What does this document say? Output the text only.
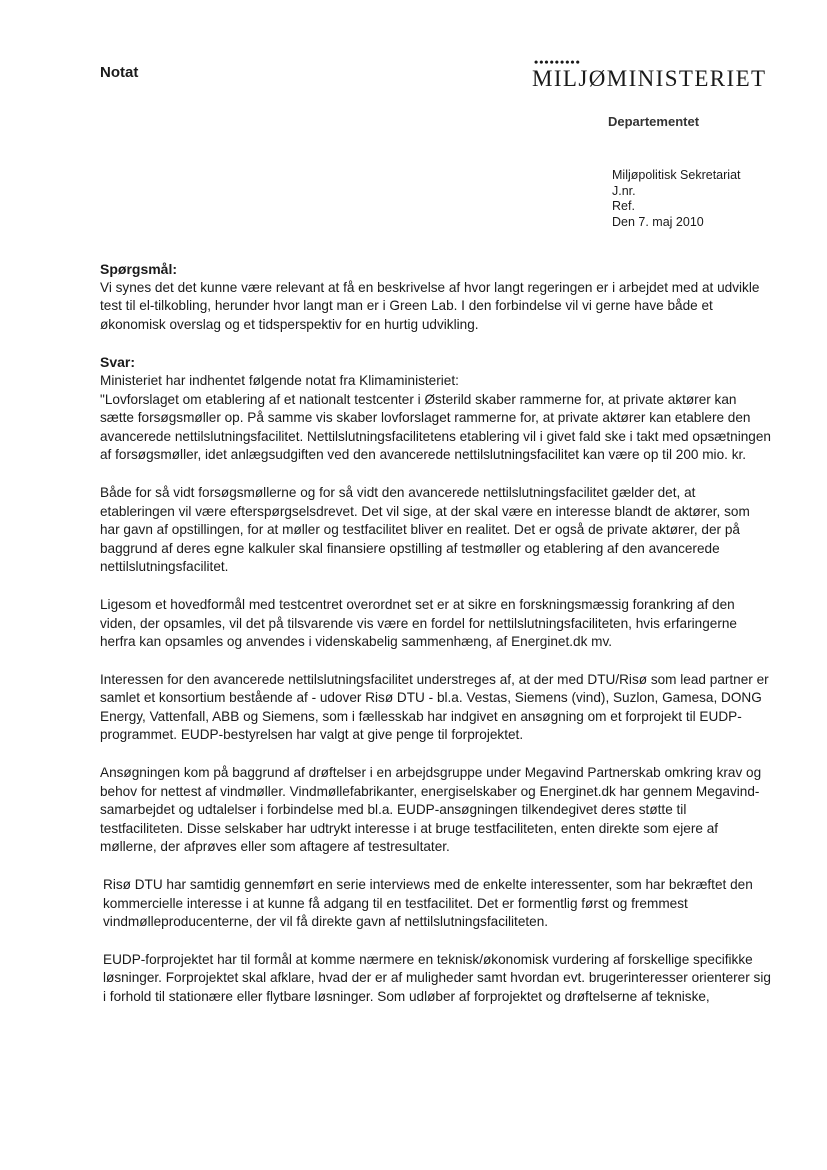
Notat
•••••••••
MILJØMINISTERIET
Departementet
Miljøpolitisk Sekretariat
J.nr.
Ref.
Den 7. maj 2010
Spørgsmål:

Vi synes det det kunne være relevant at få en beskrivelse af hvor langt regeringen er i arbejdet med at udvikle test til el-tilkobling, herunder hvor langt man er i Green Lab. I den forbindelse vil vi gerne have både et økonomisk overslag og et tidsperspektiv for en hurtig udvikling.

Svar:
Ministeriet har indhentet følgende notat fra Klimaministeriet:

"Lovforslaget om etablering af et nationalt testcenter i Østerild skaber rammerne for, at private aktører kan sætte forsøgsmøller op. På samme vis skaber lovforslaget rammerne for, at private aktører kan etablere den avancerede nettilslutningsfacilitet. Nettilslutningsfacilitetens etablering vil i givet fald ske i takt med opsætningen af forsøgsmøller, idet anlægsudgiften ved den avancerede nettilslutningsfacilitet kan være op til 200 mio. kr.

Både for så vidt forsøgsmøllerne og for så vidt den avancerede nettilslutningsfacilitet gælder det, at etableringen vil være efterspørgselsdrevet. Det vil sige, at der skal være en interesse blandt de aktører, som har gavn af opstillingen, for at møller og testfacilitet bliver en realitet. Det er også de private aktører, der på baggrund af deres egne kalkuler skal finansiere opstilling af testmøller og etablering af den avancerede nettilslutningsfacilitet.

Ligesom et hovedformål med testcentret overordnet set er at sikre en forskningsmæssig forankring af den viden, der opsamles, vil det på tilsvarende vis være en fordel for nettilslutningsfaciliteten, hvis erfaringerne herfra kan opsamles og anvendes i videnskabelig sammenhæng, af Energinet.dk mv.

Interessen for den avancerede nettilslutningsfacilitet understreges af, at der med DTU/Risø som lead partner er samlet et konsortium bestående af - udover Risø DTU - bl.a. Vestas, Siemens (vind), Suzlon, Gamesa, DONG Energy, Vattenfall, ABB og Siemens, som i fællesskab har indgivet en ansøgning om et forprojekt til EUDP-programmet. EUDP-bestyrelsen har valgt at give penge til forprojektet.

Ansøgningen kom på baggrund af drøftelser i en arbejdsgruppe under Megavind Partnerskab omkring krav og behov for nettest af vindmøller. Vindmøllefabrikanter, energiselskaber og Energinet.dk har gennem Megavind-samarbejdet og udtalelser i forbindelse med bl.a. EUDP-ansøgningen tilkendegivet deres støtte til testfaciliteten. Disse selskaber har udtrykt interesse i at bruge testfaciliteten, enten direkte som ejere af møllerne, der afprøves eller som aftagere af testresultater.

Risø DTU har samtidig gennemført en serie interviews med de enkelte interessenter, som har bekræftet den kommercielle interesse i at kunne få adgang til en testfacilitet. Det er formentlig først og fremmest vindmølleproducenterne, der vil få direkte gavn af nettilslutningsfaciliteten.

EUDP-forprojektet har til formål at komme nærmere en teknisk/økonomisk vurdering af forskellige specifikke løsninger. Forprojektet skal afklare, hvad der er af muligheder samt hvordan evt. brugerinteresser orienterer sig i forhold til stationære eller flytbare løsninger. Som udløber af forprojektet og drøftelserne af tekniske,
